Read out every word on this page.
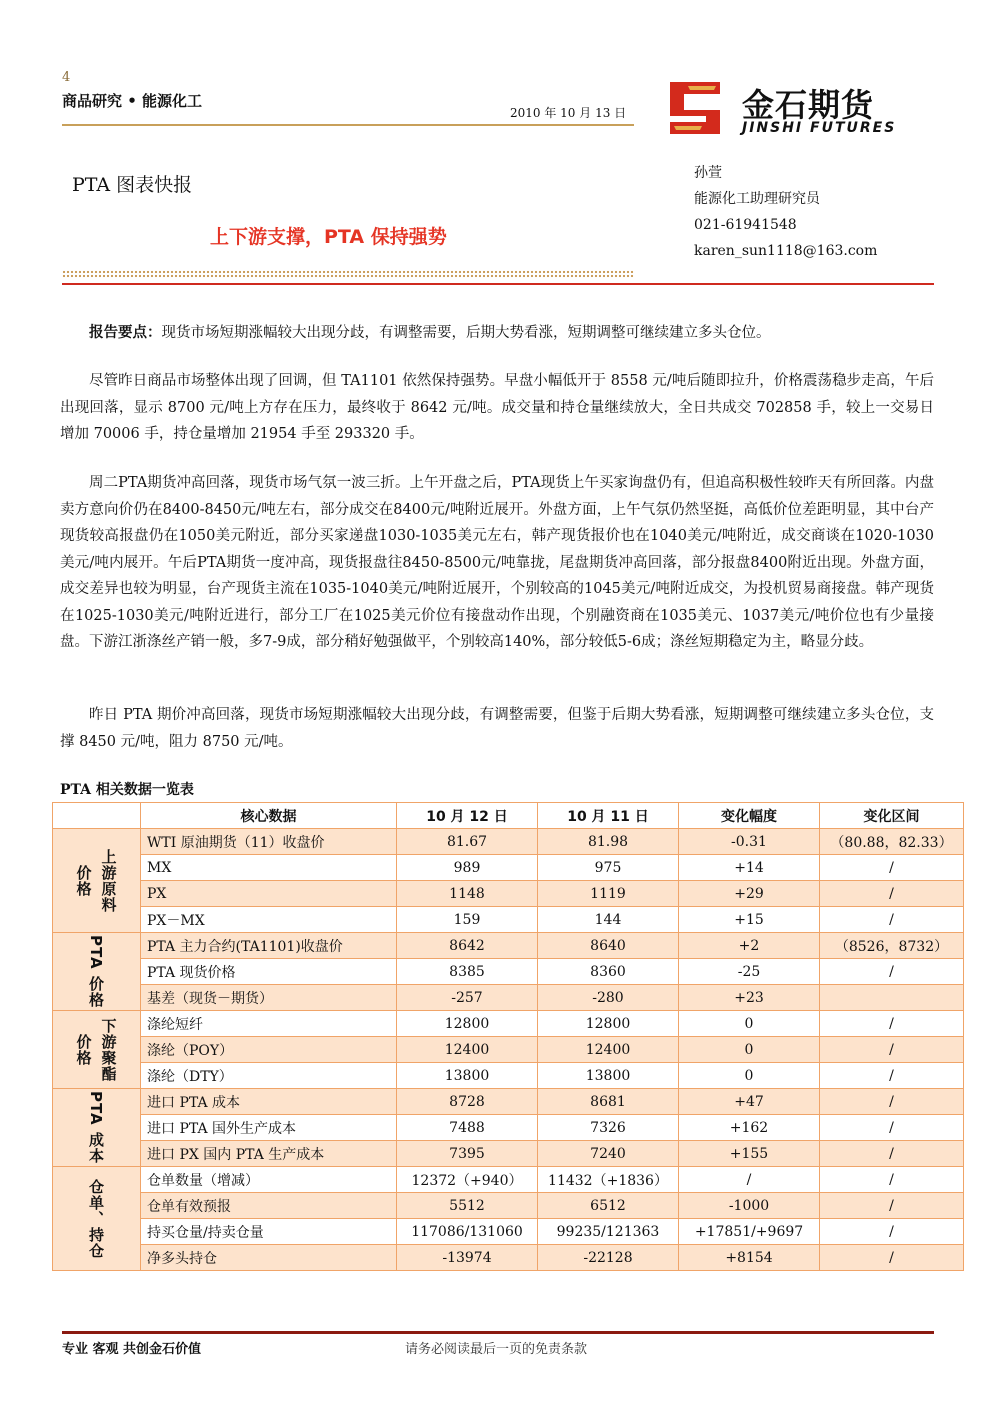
4
商品研究 • 能源化工
2010 年 10 月 13 日	金石期货
JINSHI FUTURES
PTA 图表快报
上下游支撑，PTA 保持强势
孙萱
能源化工助理研究员
021-61941548
karen_sun1118@163.com
报告要点：现货市场短期涨幅较大出现分歧，有调整需要，后期大势看涨，短期调整可继续建立多头仓位。
尽管昨日商品市场整体出现了回调，但 TA1101 依然保持强势。早盘小幅低开于 8558 元/吨后随即拉升，价格震荡稳步走高，午后出现回落，显示 8700 元/吨上方存在压力，最终收于 8642 元/吨。成交量和持仓量继续放大，全日共成交 702858 手，较上一交易日增加 70006 手，持仓量增加 21954 手至 293320 手。
周二PTA期货冲高回落，现货市场气氛一波三折。上午开盘之后，PTA现货上午买家询盘仍有，但追高积极性较昨天有所回落。内盘卖方意向价仍在8400-8450元/吨左右，部分成交在8400元/吨附近展开。外盘方面，上午气氛仍然坚挺，高低价位差距明显，其中台产现货较高报盘仍在1050美元附近，部分买家递盘1030-1035美元左右，韩产现货报价也在1040美元/吨附近，成交商谈在1020-1030美元/吨内展开。午后PTA期货一度冲高，现货报盘往8450-8500元/吨靠拢，尾盘期货冲高回落，部分报盘8400附近出现。外盘方面，成交差异也较为明显，台产现货主流在1035-1040美元/吨附近展开，个别较高的1045美元/吨附近成交，为投机贸易商接盘。韩产现货在1025-1030美元/吨附近进行，部分工厂在1025美元价位有接盘动作出现，个别融资商在1035美元、1037美元/吨价位也有少量接盘。下游江浙涤丝产销一般，多7-9成，部分稍好勉强做平，个别较高140%，部分较低5-6成；涤丝短期稳定为主，略显分歧。
昨日 PTA 期价冲高回落，现货市场短期涨幅较大出现分歧，有调整需要，但鉴于后期大势看涨，短期调整可继续建立多头仓位，支撑 8450 元/吨，阻力 8750 元/吨。
PTA 相关数据一览表
	核心数据	10 月 12 日	10 月 11 日	变化幅度	变化区间

价格 上游原料	WTI 原油期货（11）收盘价	81.67	81.98	-0.31	（80.88，82.33）
	MX	989	975	+14	/
	PX	1148	1119	+29	/
	PX－MX	159	144	+15	/

PTA 价格	PTA 主力合约(TA1101)收盘价	8642	8640	+2	（8526，8732）
	PTA 现货价格	8385	8360	-25	/
	基差（现货－期货）	-257	-280	+23	

价格 下游聚酯	涤纶短纤	12800	12800	0	/
	涤纶（POY）	12400	12400	0	/
	涤纶（DTY）	13800	13800	0	/

PTA 成本	进口 PTA 成本	8728	8681	+47	/
	进口 PTA 国外生产成本	7488	7326	+162	/
	进口 PX 国内 PTA 生产成本	7395	7240	+155	/

仓单、持仓	仓单数量（增减）	12372（+940）	11432（+1836）	/	/
	仓单有效预报	5512	6512	-1000	/
	持买仓量/持卖仓量	117086/131060	99235/121363	+17851/+9697	/
	净多头持仓	-13974	-22128	+8154	/
专业 客观 共创金石价值	请务必阅读最后一页的免责条款
